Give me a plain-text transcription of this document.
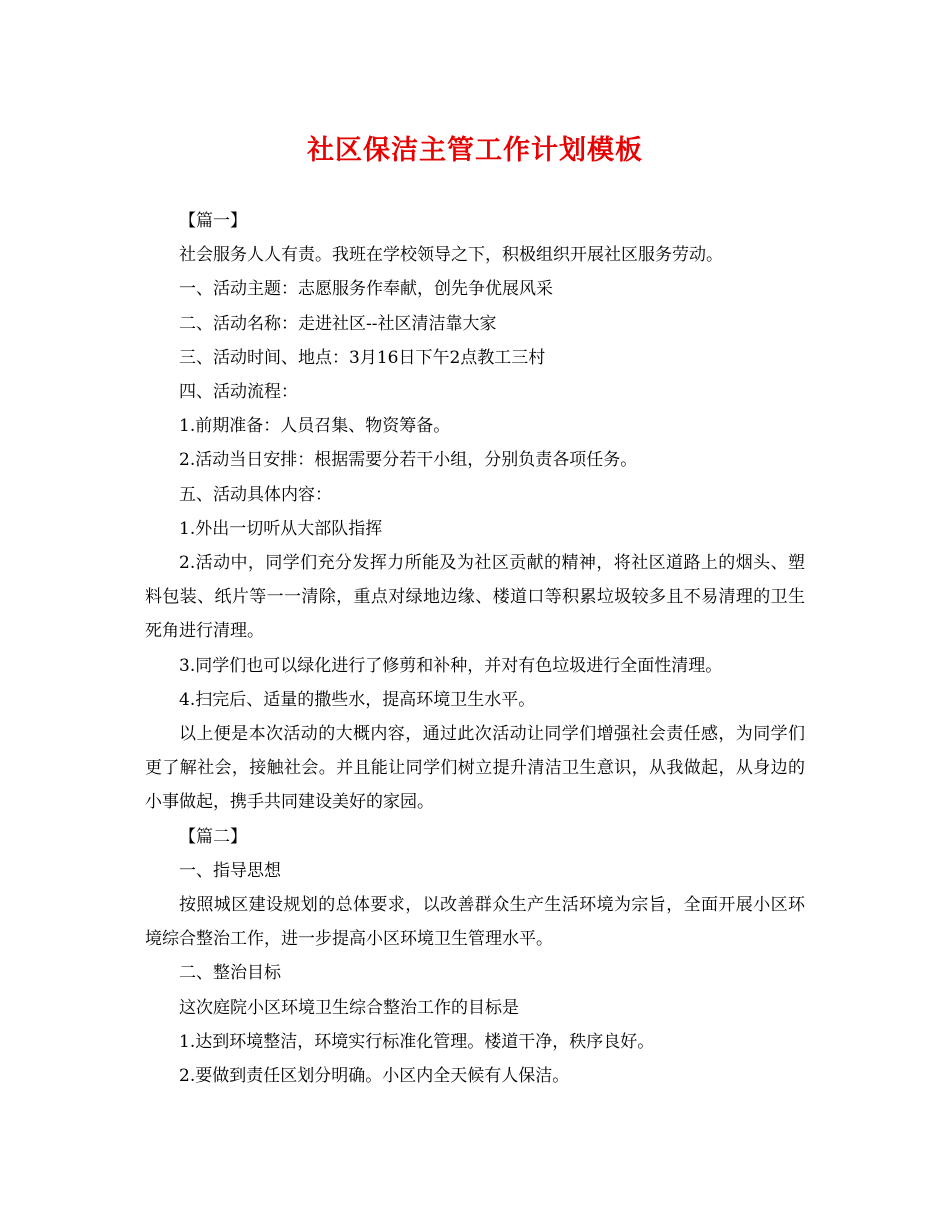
社区保洁主管工作计划模板

【篇一】

社会服务人人有责。我班在学校领导之下，积极组织开展社区服务劳动。

一、活动主题：志愿服务作奉献，创先争优展风采

二、活动名称：走进社区--社区清洁靠大家

三、活动时间、地点：3月16日下午2点教工三村

四、活动流程：

1.前期准备：人员召集、物资筹备。

2.活动当日安排：根据需要分若干小组，分别负责各项任务。

五、活动具体内容：

1.外出一切听从大部队指挥

2.活动中，同学们充分发挥力所能及为社区贡献的精神，将社区道路上的烟头、塑料包装、纸片等一一清除，重点对绿地边缘、楼道口等积累垃圾较多且不易清理的卫生死角进行清理。

3.同学们也可以绿化进行了修剪和补种，并对有色垃圾进行全面性清理。

4.扫完后、适量的撒些水，提高环境卫生水平。

以上便是本次活动的大概内容，通过此次活动让同学们增强社会责任感，为同学们更了解社会，接触社会。并且能让同学们树立提升清洁卫生意识，从我做起，从身边的小事做起，携手共同建设美好的家园。

【篇二】

一、指导思想

按照城区建设规划的总体要求，以改善群众生产生活环境为宗旨，全面开展小区环境综合整治工作，进一步提高小区环境卫生管理水平。

二、整治目标

这次庭院小区环境卫生综合整治工作的目标是

1.达到环境整洁，环境实行标准化管理。楼道干净，秩序良好。

2.要做到责任区划分明确。小区内全天候有人保洁。
